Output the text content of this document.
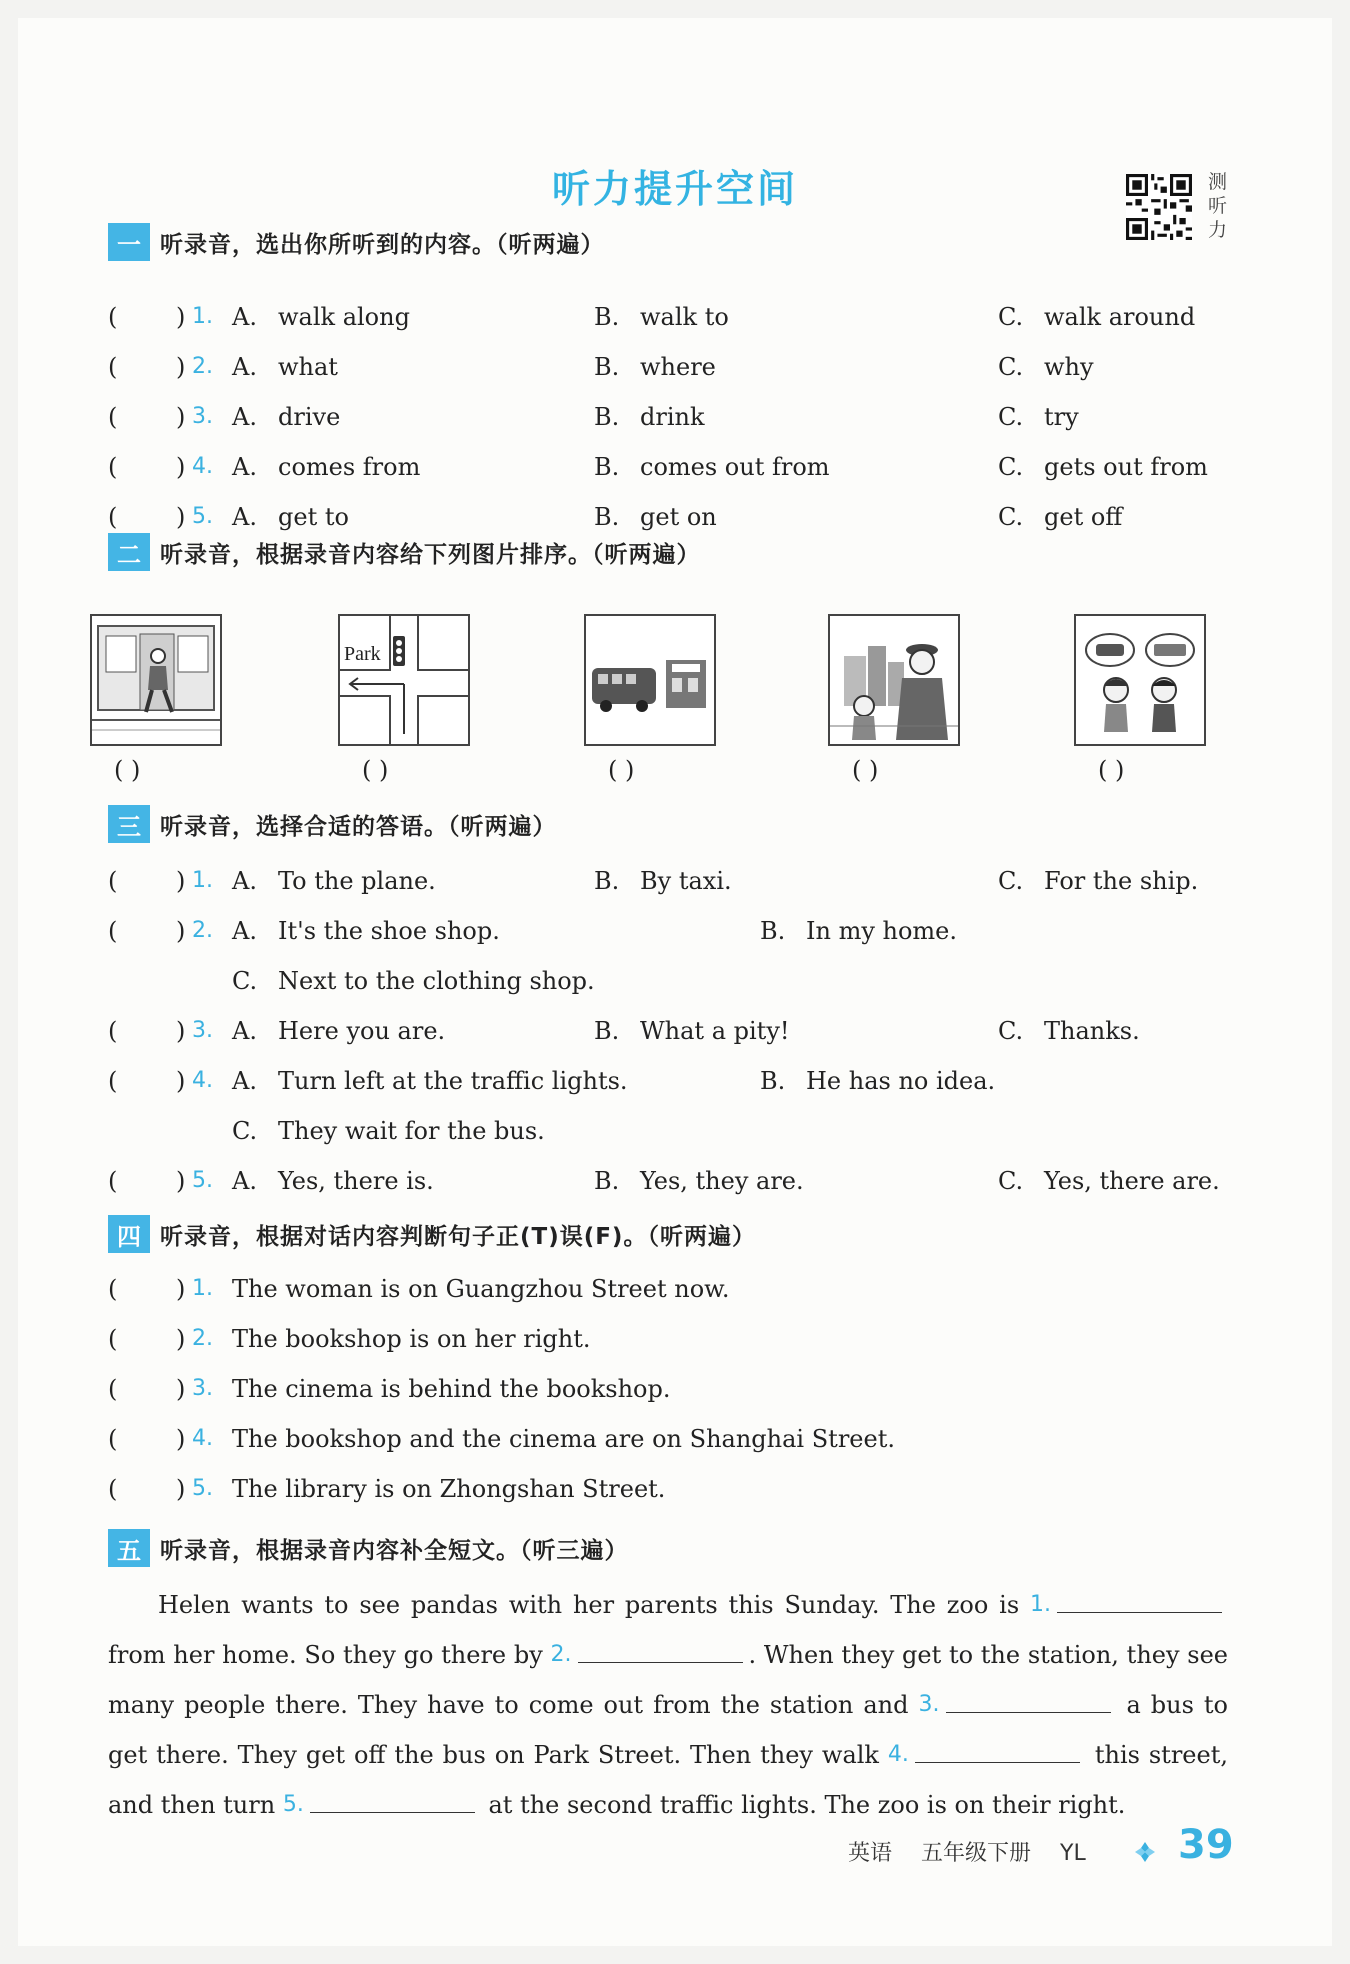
听力提升空间	测
听
力
一 听录音，选出你所听到的内容。（听两遍）
( ) 1. A. walk along	B. walk to	C. walk around
( ) 2. A. what	B. where	C. why
( ) 3. A. drive	B. drink	C. try
( ) 4. A. comes from	B. comes out from	C. gets out from
( ) 5. A. get to	B. get on	C. get off
二 听录音，根据录音内容给下列图片排序。（听两遍）
Park
( )	( )	( )	( )	( )
三 听录音，选择合适的答语。（听两遍）
( ) 1. A. To the plane.	B. By taxi.	C. For the ship.
( ) 2. A. It's the shoe shop.	B. In my home.
C. Next to the clothing shop.
( ) 3. A. Here you are.	B. What a pity!	C. Thanks.
( ) 4. A. Turn left at the traffic lights.	B. He has no idea.
C. They wait for the bus.
( ) 5. A. Yes, there is.	B. Yes, they are.	C. Yes, there are.
四 听录音，根据对话内容判断句子正(T)误(F)。（听两遍）
( ) 1. The woman is on Guangzhou Street now.
( ) 2. The bookshop is on her right.
( ) 3. The cinema is behind the bookshop.
( ) 4. The bookshop and the cinema are on Shanghai Street.
( ) 5. The library is on Zhongshan Street.
五 听录音，根据录音内容补全短文。（听三遍）
Helen wants to see pandas with her parents this Sunday. The zoo is 1. from her home. So they go there by 2.	. When they get to the station, they see many people there. They have to come out from the station and 3.	a bus to get there. They get off the bus on Park Street. Then they walk 4.	this street, and then turn 5.	at the second traffic lights. The zoo is on their right.
英语 五年级下册 YL	39
